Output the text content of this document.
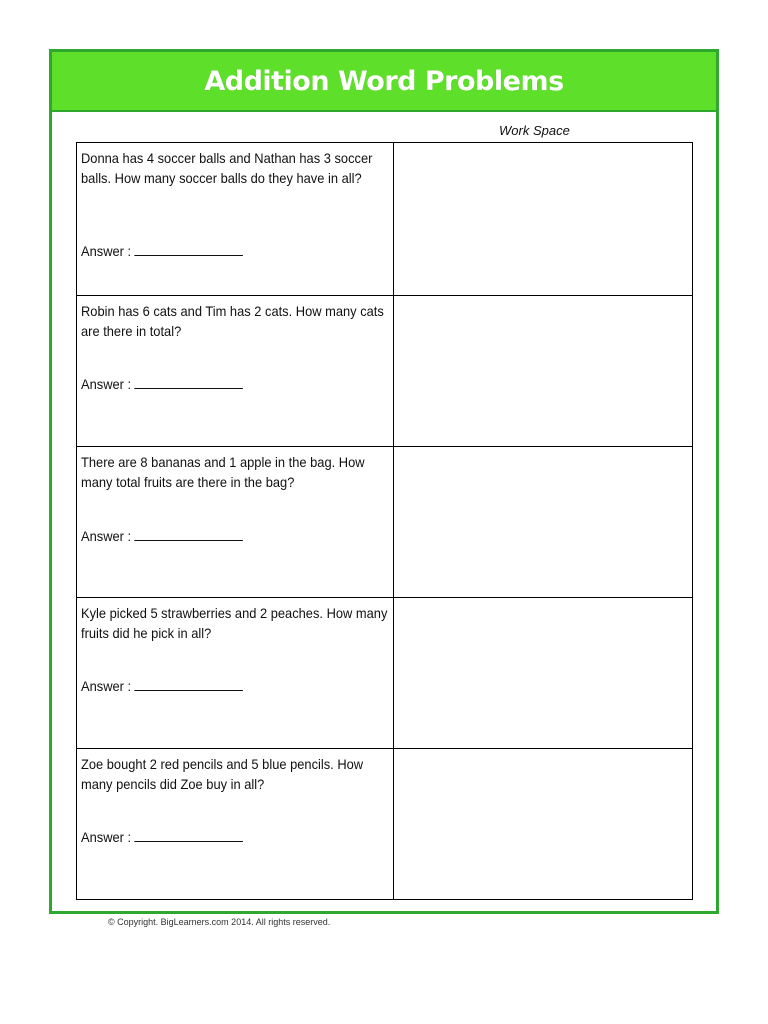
Addition Word Problems
Work Space
Donna has 4 soccer balls and Nathan has 3 soccer balls. How many soccer balls do they have in all?
Answer :
Robin has 6 cats and Tim has 2 cats. How many cats are there in total?
Answer :
There are 8 bananas and 1 apple in the bag. How many total fruits are there in the bag?
Answer :
Kyle picked 5 strawberries and 2 peaches. How many fruits did he pick in all?
Answer :
Zoe bought 2 red pencils and 5 blue pencils. How many pencils did Zoe buy in all?
Answer :
© Copyright. BigLearners.com 2014. All rights reserved.
